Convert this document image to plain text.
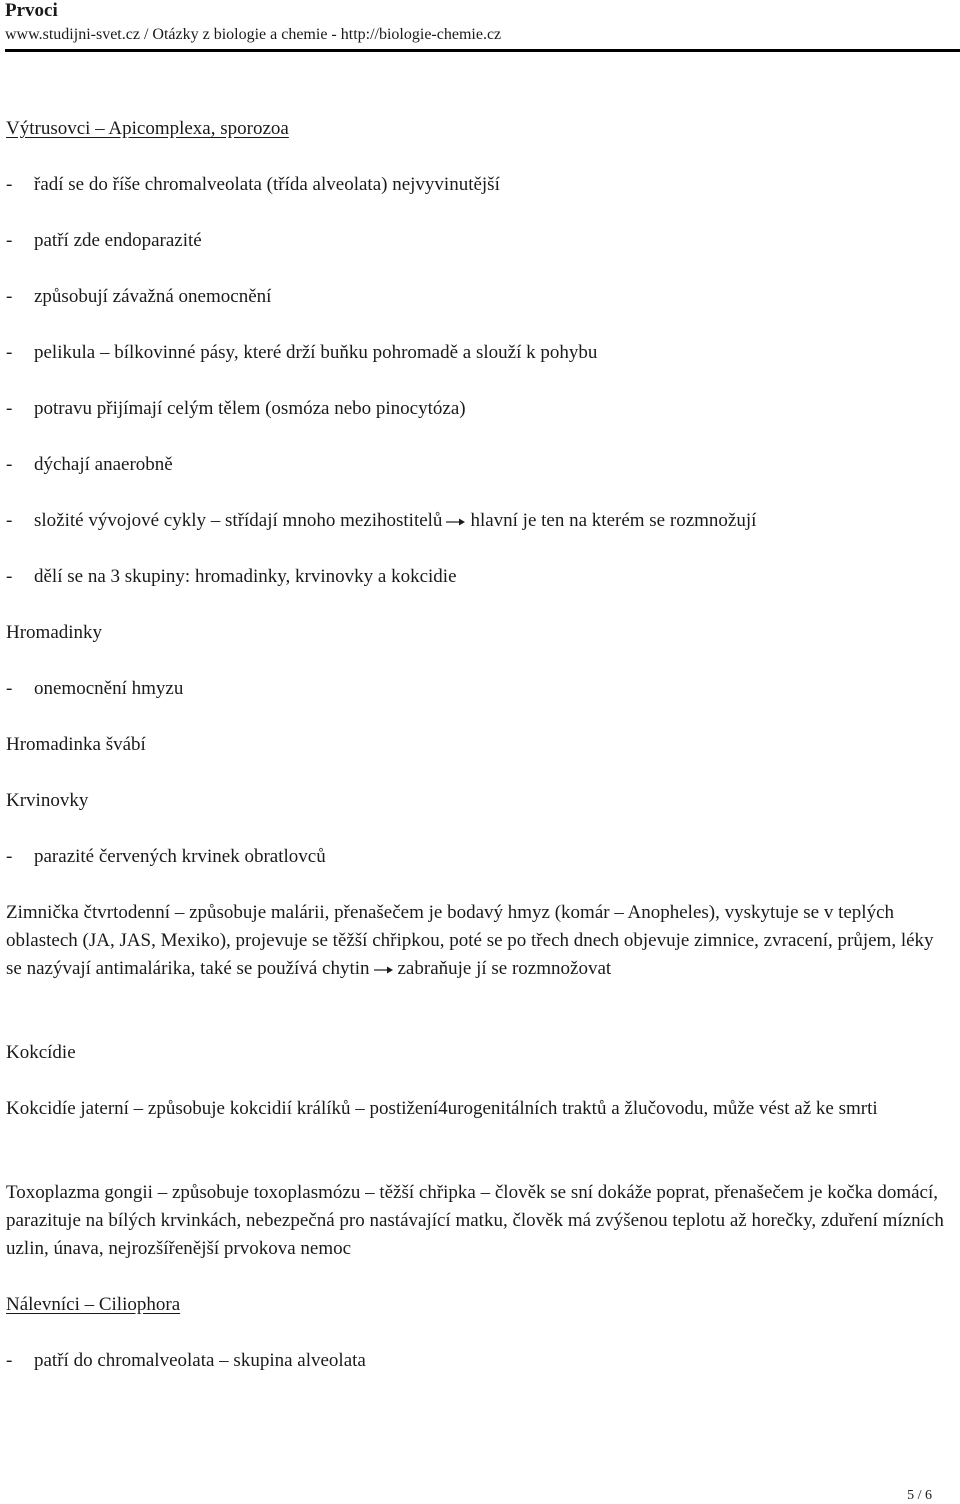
Prvoci
www.studijni-svet.cz / Otázky z biologie a chemie - http://biologie-chemie.cz
Výtrusovci – Apicomplexa, sporozoa
- řadí se do říše chromalveolata (třída alveolata) nejvyvinutější
- patří zde endoparazité
- způsobují závažná onemocnění
- pelikula – bílkovinné pásy, které drží buňku pohromadě a slouží k pohybu
- potravu přijímají celým tělem (osmóza nebo pinocytóza)
- dýchají anaerobně
- složité vývojové cykly – střídají mnoho mezihostitelů hlavní je ten na kterém se rozmnožují
- dělí se na 3 skupiny: hromadinky, krvinovky a kokcidie
Hromadinky
- onemocnění hmyzu
Hromadinka švábí
Krvinovky
- parazité červených krvinek obratlovců
Zimnička čtvrtodenní – způsobuje malárii, přenašečem je bodavý hmyz (komár – Anopheles), vyskytuje se v teplých oblastech (JA, JAS, Mexiko), projevuje se těžší chřipkou, poté se po třech dnech objevuje zimnice, zvracení, průjem, léky se nazývají antimalárika, také se používá chytin zabraňuje jí se rozmnožovat
Kokcídie
Kokcidíe jaterní – způsobuje kokcidií králíků – postižení4urogenitálních traktů a žlučovodu, může vést až ke smrti
Toxoplazma gongii – způsobuje toxoplasmózu – těžší chřipka – člověk se sní dokáže poprat, přenašečem je kočka domácí, parazituje na bílých krvinkách, nebezpečná pro nastávající matku, člověk má zvýšenou teplotu až horečky, zduření mízních uzlin, únava, nejrozšířenější prvokova nemoc
Nálevníci – Ciliophora
- patří do chromalveolata – skupina alveolata
5 / 6
